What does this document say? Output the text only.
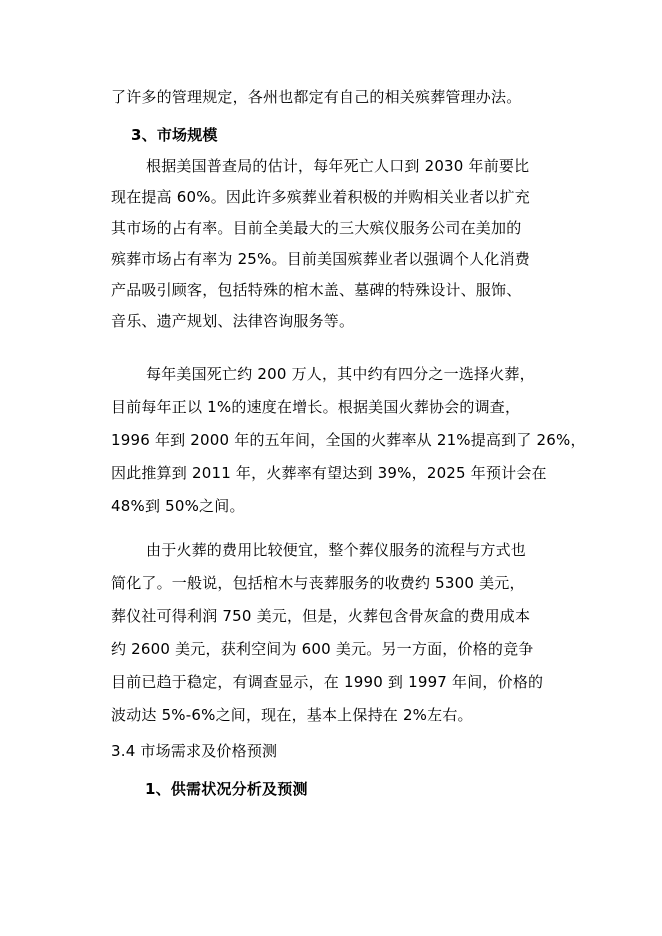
了许多的管理规定，各州也都定有自己的相关殡葬管理办法。
3、市场规模
根据美国普查局的估计，每年死亡人口到 2030 年前要比
现在提高 60%。因此许多殡葬业着积极的并购相关业者以扩充
其市场的占有率。目前全美最大的三大殡仪服务公司在美加的
殡葬市场占有率为 25%。目前美国殡葬业者以强调个人化消费
产品吸引顾客，包括特殊的棺木盖、墓碑的特殊设计、服饰、
音乐、遗产规划、法律咨询服务等。
每年美国死亡约 200 万人，其中约有四分之一选择火葬，
目前每年正以 1%的速度在增长。根据美国火葬协会的调查，
1996 年到 2000 年的五年间，全国的火葬率从 21%提高到了 26%，
因此推算到 2011 年，火葬率有望达到 39%，2025 年预计会在
48%到 50%之间。
由于火葬的费用比较便宜，整个葬仪服务的流程与方式也
简化了。一般说，包括棺木与丧葬服务的收费约 5300 美元，
葬仪社可得利润 750 美元，但是，火葬包含骨灰盒的费用成本
约 2600 美元，获利空间为 600 美元。另一方面，价格的竞争
目前已趋于稳定，有调查显示，在 1990 到 1997 年间，价格的
波动达 5%-6%之间，现在，基本上保持在 2%左右。
3.4 市场需求及价格预测
1、供需状况分析及预测
